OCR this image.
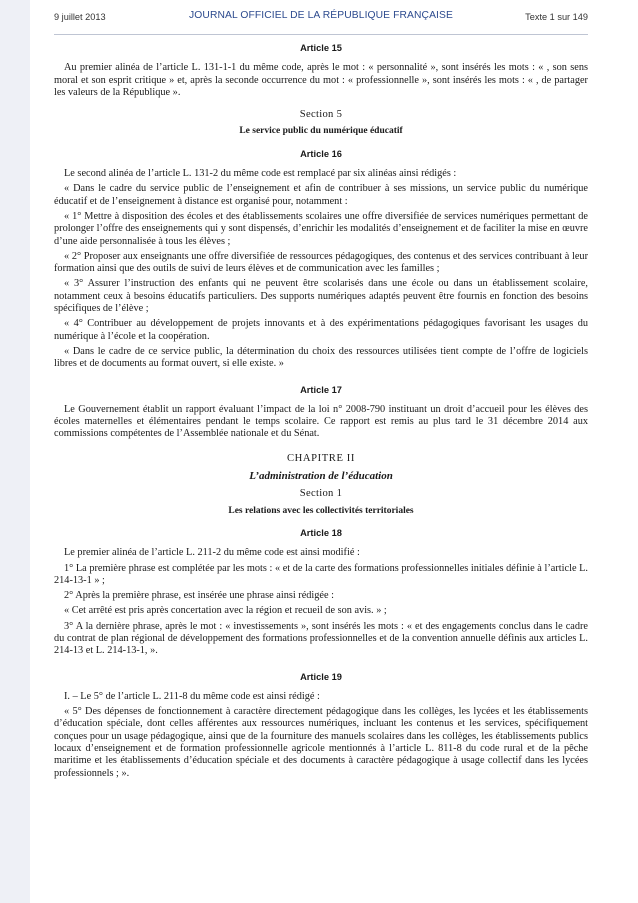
9 juillet 2013	JOURNAL OFFICIEL DE LA RÉPUBLIQUE FRANÇAISE	Texte 1 sur 149
Article 15

Au premier alinéa de l’article L. 131-1-1 du même code, après le mot : « personnalité », sont insérés les mots : « , son sens moral et son esprit critique » et, après la seconde occurrence du mot : « professionnelle », sont insérés les mots : « , de partager les valeurs de la République ».

Section 5
Le service public du numérique éducatif
Article 16

Le second alinéa de l’article L. 131-2 du même code est remplacé par six alinéas ainsi rédigés :

« Dans le cadre du service public de l’enseignement et afin de contribuer à ses missions, un service public du numérique éducatif et de l’enseignement à distance est organisé pour, notamment :

« 1° Mettre à disposition des écoles et des établissements scolaires une offre diversifiée de services numériques permettant de prolonger l’offre des enseignements qui y sont dispensés, d’enrichir les modalités d’enseignement et de faciliter la mise en œuvre d’une aide personnalisée à tous les élèves ;

« 2° Proposer aux enseignants une offre diversifiée de ressources pédagogiques, des contenus et des services contribuant à leur formation ainsi que des outils de suivi de leurs élèves et de communication avec les familles ;

« 3° Assurer l’instruction des enfants qui ne peuvent être scolarisés dans une école ou dans un établissement scolaire, notamment ceux à besoins éducatifs particuliers. Des supports numériques adaptés peuvent être fournis en fonction des besoins spécifiques de l’élève ;

« 4° Contribuer au développement de projets innovants et à des expérimentations pédagogiques favorisant les usages du numérique à l’école et la coopération.

« Dans le cadre de ce service public, la détermination du choix des ressources utilisées tient compte de l’offre de logiciels libres et de documents au format ouvert, si elle existe. »

Article 17

Le Gouvernement établit un rapport évaluant l’impact de la loi n° 2008-790 instituant un droit d’accueil pour les élèves des écoles maternelles et élémentaires pendant le temps scolaire. Ce rapport est remis au plus tard le 31 décembre 2014 aux commissions compétentes de l’Assemblée nationale et du Sénat.

CHAPITRE II
L’administration de l’éducation
Section 1
Les relations avec les collectivités territoriales
Article 18

Le premier alinéa de l’article L. 211-2 du même code est ainsi modifié :

1° La première phrase est complétée par les mots : « et de la carte des formations professionnelles initiales définie à l’article L. 214-13-1 » ;

2° Après la première phrase, est insérée une phrase ainsi rédigée :

« Cet arrêté est pris après concertation avec la région et recueil de son avis. » ;

3° A la dernière phrase, après le mot : « investissements », sont insérés les mots : « et des engagements conclus dans le cadre du contrat de plan régional de développement des formations professionnelles et de la convention annuelle définis aux articles L. 214-13 et L. 214-13-1, ».

Article 19

I. – Le 5° de l’article L. 211-8 du même code est ainsi rédigé :

« 5° Des dépenses de fonctionnement à caractère directement pédagogique dans les collèges, les lycées et les établissements d’éducation spéciale, dont celles afférentes aux ressources numériques, incluant les contenus et les services, spécifiquement conçues pour un usage pédagogique, ainsi que de la fourniture des manuels scolaires dans les collèges, les établissements publics locaux d’enseignement et de formation professionnelle agricole mentionnés à l’article L. 811-8 du code rural et de la pêche maritime et les établissements d’éducation spéciale et des documents à caractère pédagogique à usage collectif dans les lycées professionnels ; ».
